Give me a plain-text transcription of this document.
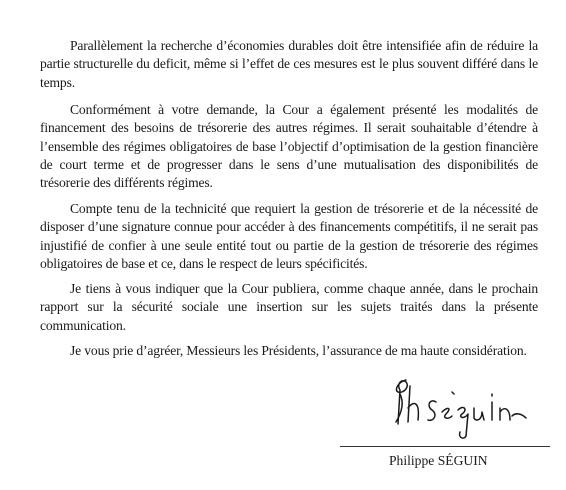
Parallèlement la recherche d’économies durables doit être intensifiée afin de réduire la partie structurelle du deficit, même si l’effet de ces mesures est le plus souvent différé dans le temps.

Conformément à votre demande, la Cour a également présenté les modalités de financement des besoins de trésorerie des autres régimes. Il serait souhaitable d’étendre à l’ensemble des régimes obligatoires de base l’objectif d’optimisation de la gestion financière de court terme et de progresser dans le sens d’une mutualisation des disponibilités de trésorerie des différents régimes.

Compte tenu de la technicité que requiert la gestion de trésorerie et de la nécessité de disposer d’une signature connue pour accéder à des financements compétitifs, il ne serait pas injustifié de confier à une seule entité tout ou partie de la gestion de trésorerie des régimes obligatoires de base et ce, dans le respect de leurs spécificités.

Je tiens à vous indiquer que la Cour publiera, comme chaque année, dans le prochain rapport sur la sécurité sociale une insertion sur les sujets traités dans la présente communication.

Je vous prie d’agréer, Messieurs les Présidents, l’assurance de ma haute considération.

Philippe SÉGUIN
